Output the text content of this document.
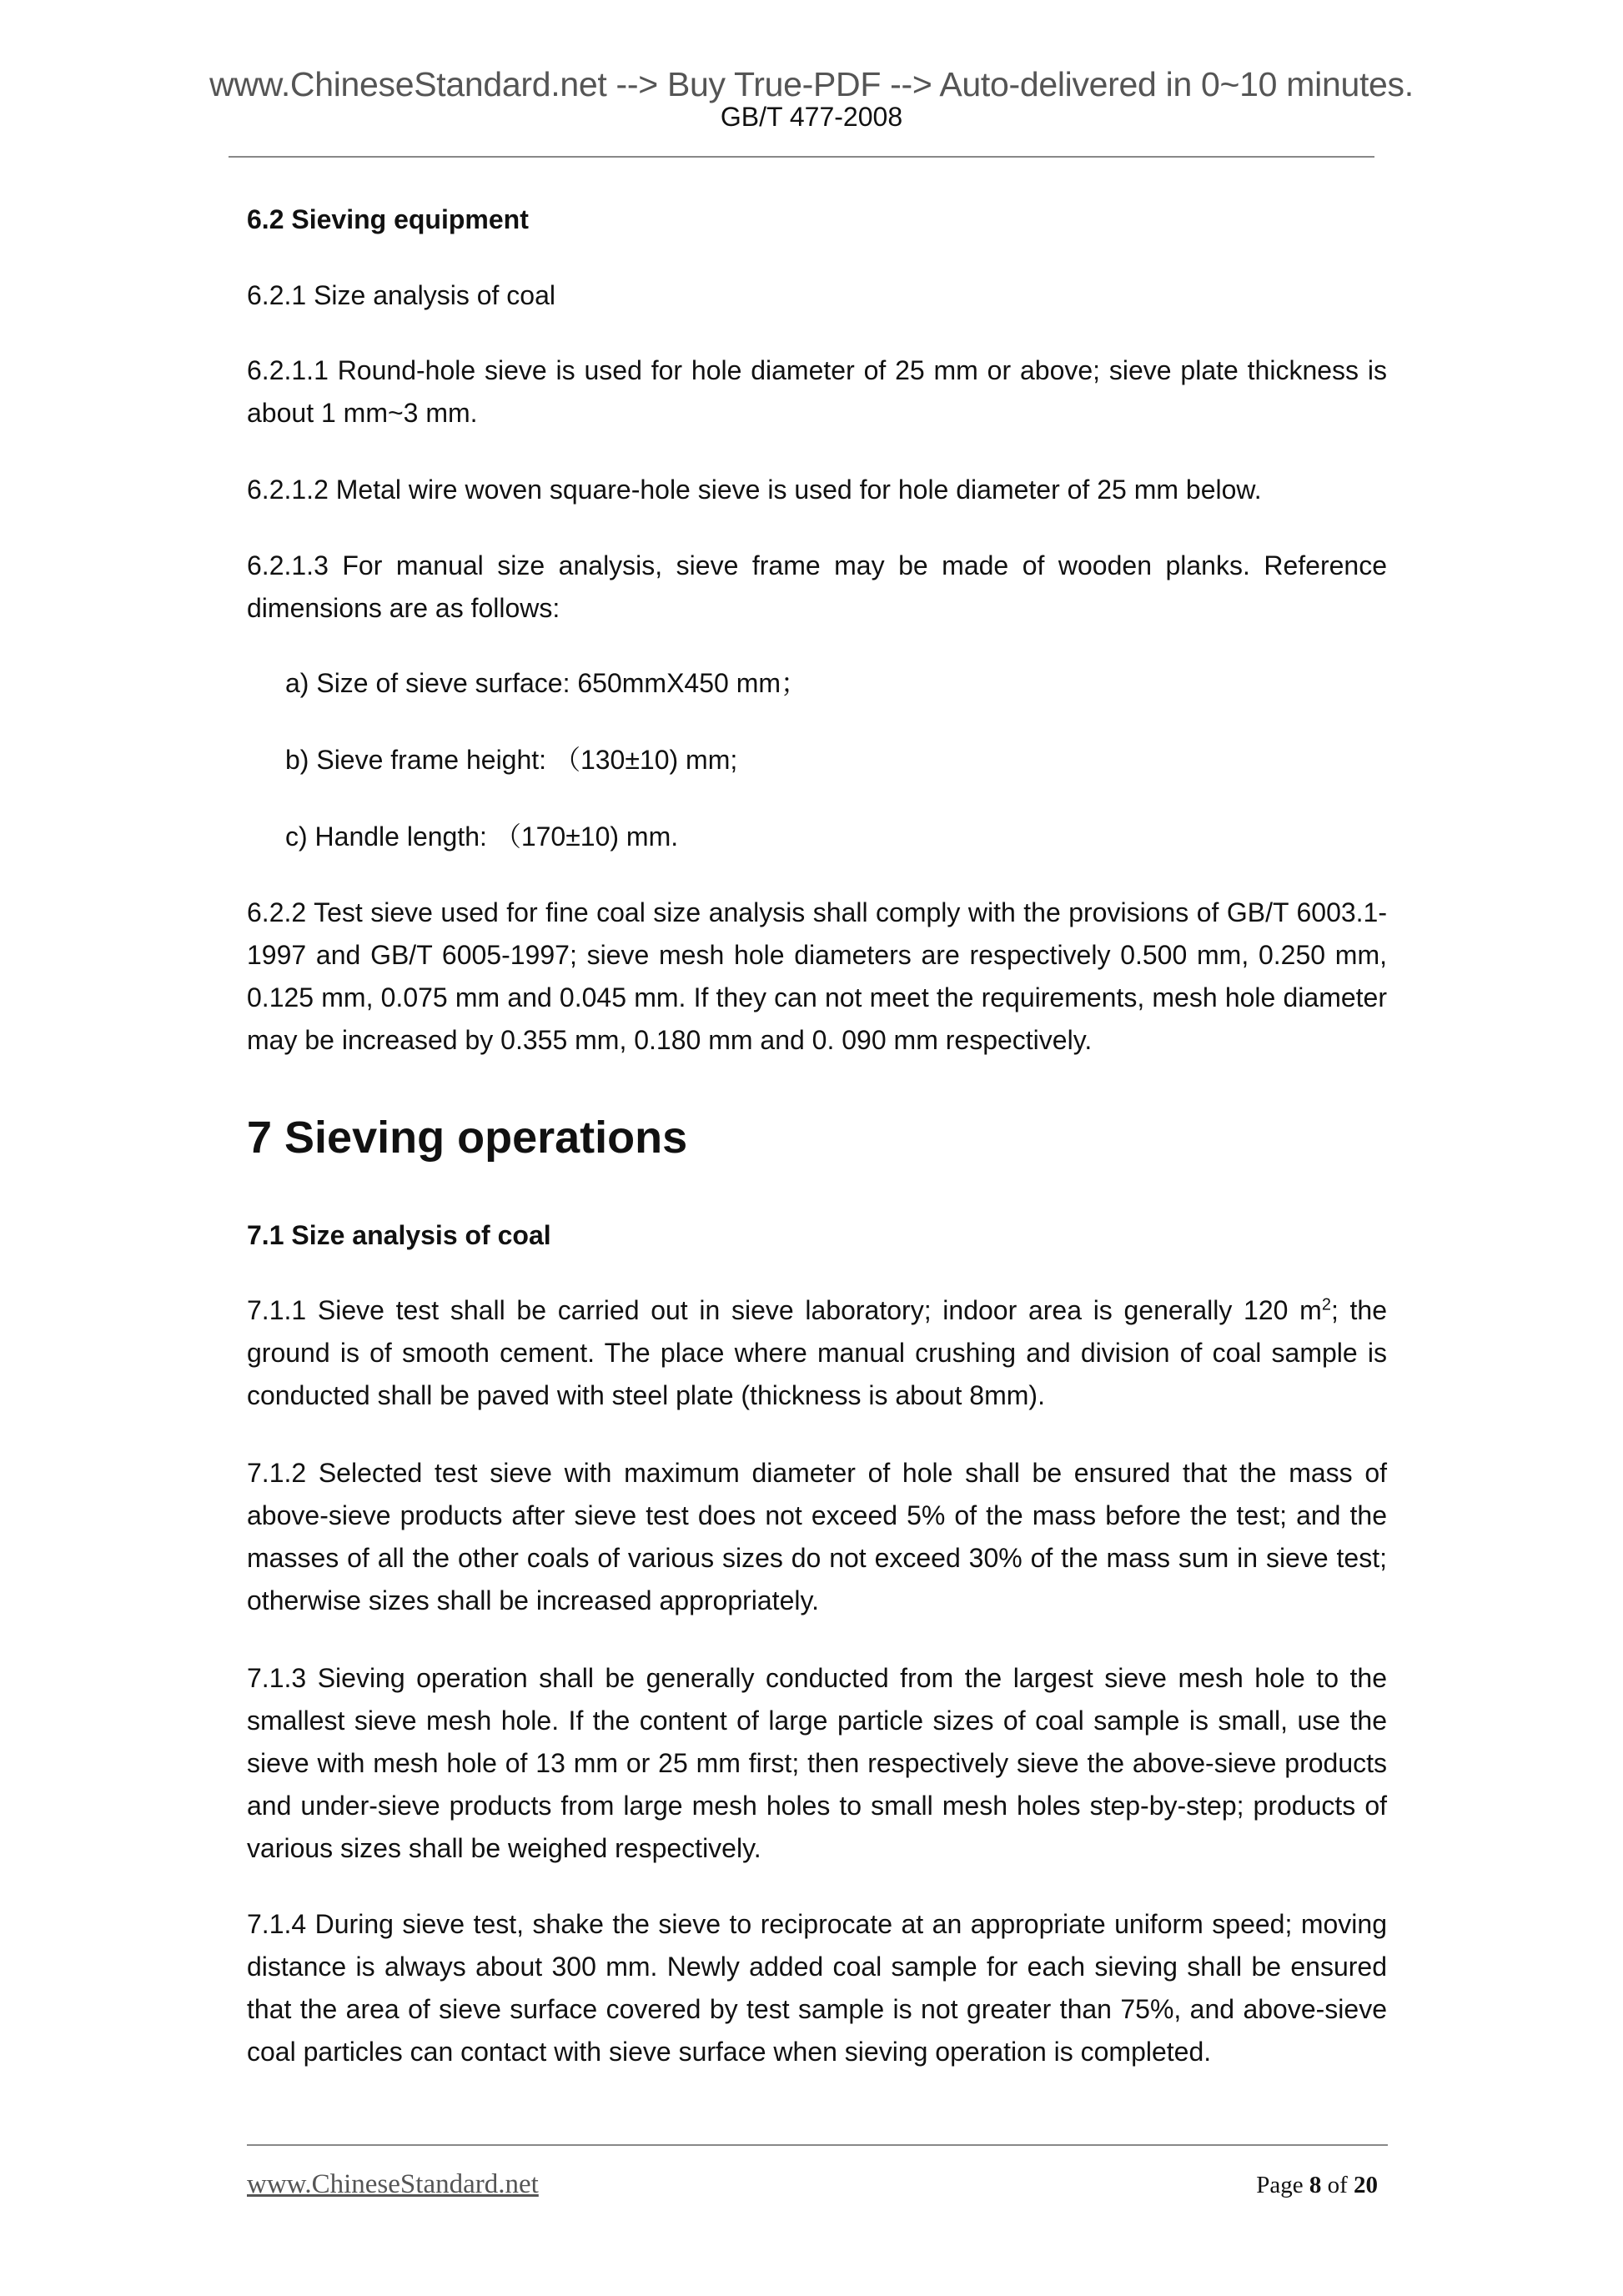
www.ChineseStandard.net --> Buy True-PDF --> Auto-delivered in 0~10 minutes.
GB/T 477-2008
6.2 Sieving equipment
6.2.1 Size analysis of coal
6.2.1.1 Round-hole sieve is used for hole diameter of 25 mm or above; sieve plate thickness is about 1 mm~3 mm.
6.2.1.2 Metal wire woven square-hole sieve is used for hole diameter of 25 mm below.
6.2.1.3 For manual size analysis, sieve frame may be made of wooden planks. Reference dimensions are as follows:
a) Size of sieve surface: 650mmX450 mm；
b) Sieve frame height: （130±10) mm;
c) Handle length: （170±10) mm.
6.2.2 Test sieve used for fine coal size analysis shall comply with the provisions of GB/T 6003.1-1997 and GB/T 6005-1997; sieve mesh hole diameters are respectively 0.500 mm, 0.250 mm, 0.125 mm, 0.075 mm and 0.045 mm. If they can not meet the requirements, mesh hole diameter may be increased by 0.355 mm, 0.180 mm and 0. 090 mm respectively.
7 Sieving operations
7.1 Size analysis of coal
7.1.1 Sieve test shall be carried out in sieve laboratory; indoor area is generally 120 $m^2$; the ground is of smooth cement. The place where manual crushing and division of coal sample is conducted shall be paved with steel plate (thickness is about 8mm).
7.1.2 Selected test sieve with maximum diameter of hole shall be ensured that the mass of above-sieve products after sieve test does not exceed 5% of the mass before the test; and the masses of all the other coals of various sizes do not exceed 30% of the mass sum in sieve test; otherwise sizes shall be increased appropriately.
7.1.3 Sieving operation shall be generally conducted from the largest sieve mesh hole to the smallest sieve mesh hole. If the content of large particle sizes of coal sample is small, use the sieve with mesh hole of 13 mm or 25 mm first; then respectively sieve the above-sieve products and under-sieve products from large mesh holes to small mesh holes step-by-step; products of various sizes shall be weighed respectively.
7.1.4 During sieve test, shake the sieve to reciprocate at an appropriate uniform speed; moving distance is always about 300 mm. Newly added coal sample for each sieving shall be ensured that the area of sieve surface covered by test sample is not greater than 75%, and above-sieve coal particles can contact with sieve surface when sieving operation is completed.
www.ChineseStandard.net	Page 8 of 20
